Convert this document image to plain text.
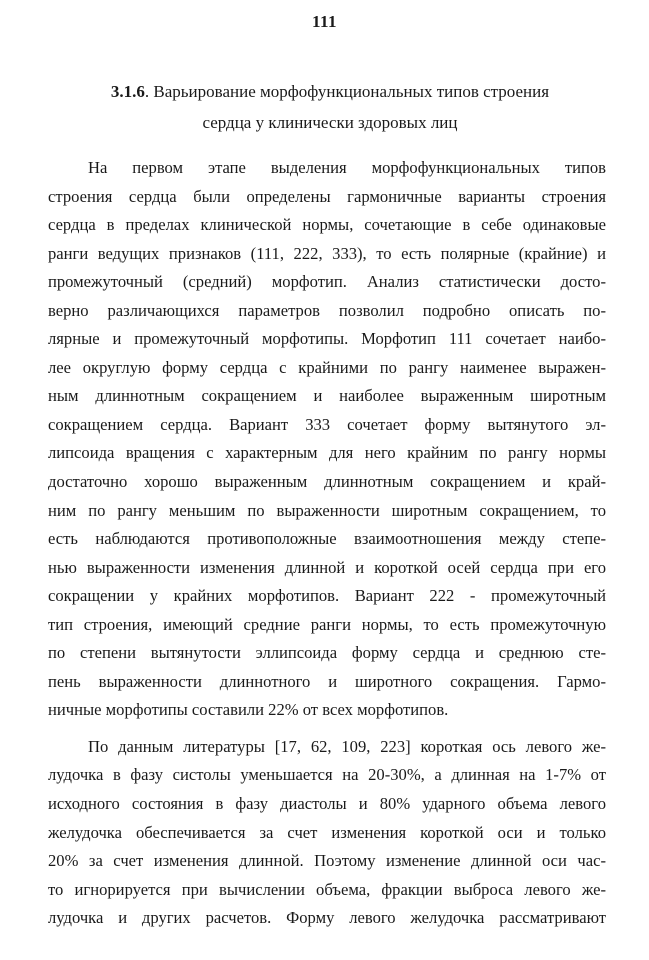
111
3.1.6. Варьирование морфофункциональных типов строения
сердца у клинически здоровых лиц
На первом этапе выделения морфофункциональных типов
строения сердца были определены гармоничные варианты строения
сердца в пределах клинической нормы, сочетающие в себе одинаковые
ранги ведущих признаков (111, 222, 333), то есть полярные (крайние) и
промежуточный (средний) морфотип. Анализ статистически досто-
верно различающихся параметров позволил подробно описать по-
лярные и промежуточный морфотипы. Морфотип 111 сочетает наибо-
лее округлую форму сердца с крайними по рангу наименее выражен-
ным длиннотным сокращением и наиболее выраженным широтным
сокращением сердца. Вариант 333 сочетает форму вытянутого эл-
липсоида вращения с характерным для него крайним по рангу нормы
достаточно хорошо выраженным длиннотным сокращением и край-
ним по рангу меньшим по выраженности широтным сокращением, то
есть наблюдаются противоположные взаимоотношения между степе-
нью выраженности изменения длинной и короткой осей сердца при его
сокращении у крайних морфотипов. Вариант 222 - промежуточный
тип строения, имеющий средние ранги нормы, то есть промежуточную
по степени вытянутости эллипсоида форму сердца и среднюю сте-
пень выраженности длиннотного и широтного сокращения. Гармо-
ничные морфотипы составили 22% от всех морфотипов.
По данным литературы [17, 62, 109, 223] короткая ось левого же-
лудочка в фазу систолы уменьшается на 20-30%, а длинная на 1-7% от
исходного состояния в фазу диастолы и 80% ударного объема левого
желудочка обеспечивается за счет изменения короткой оси и только
20% за счет изменения длинной. Поэтому изменение длинной оси час-
то игнорируется при вычислении объема, фракции выброса левого же-
лудочка и других расчетов. Форму левого желудочка рассматривают
